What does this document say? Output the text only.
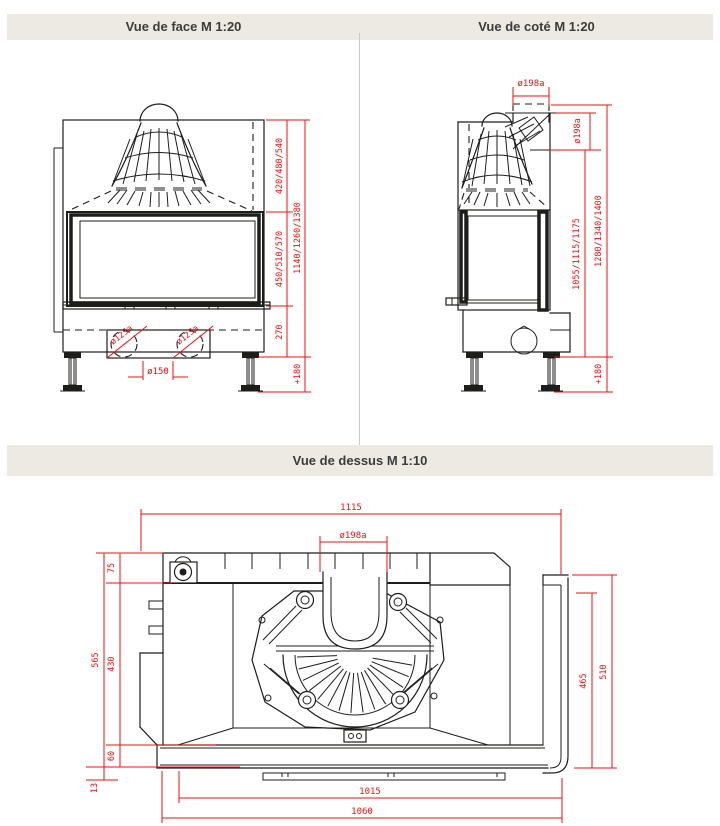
Vue de face M 1:20	Vue de coté M 1:20
Vue de dessus M 1:10
420/480/540
450/510/570
270
1140/1260/1380
+180
ø123a	ø123a
ø150
ø198a
ø198a
1055/1115/1175 1280/1340/1400
+180
1115
ø198a
565
75
430
60
13
465
510
1015
1060
